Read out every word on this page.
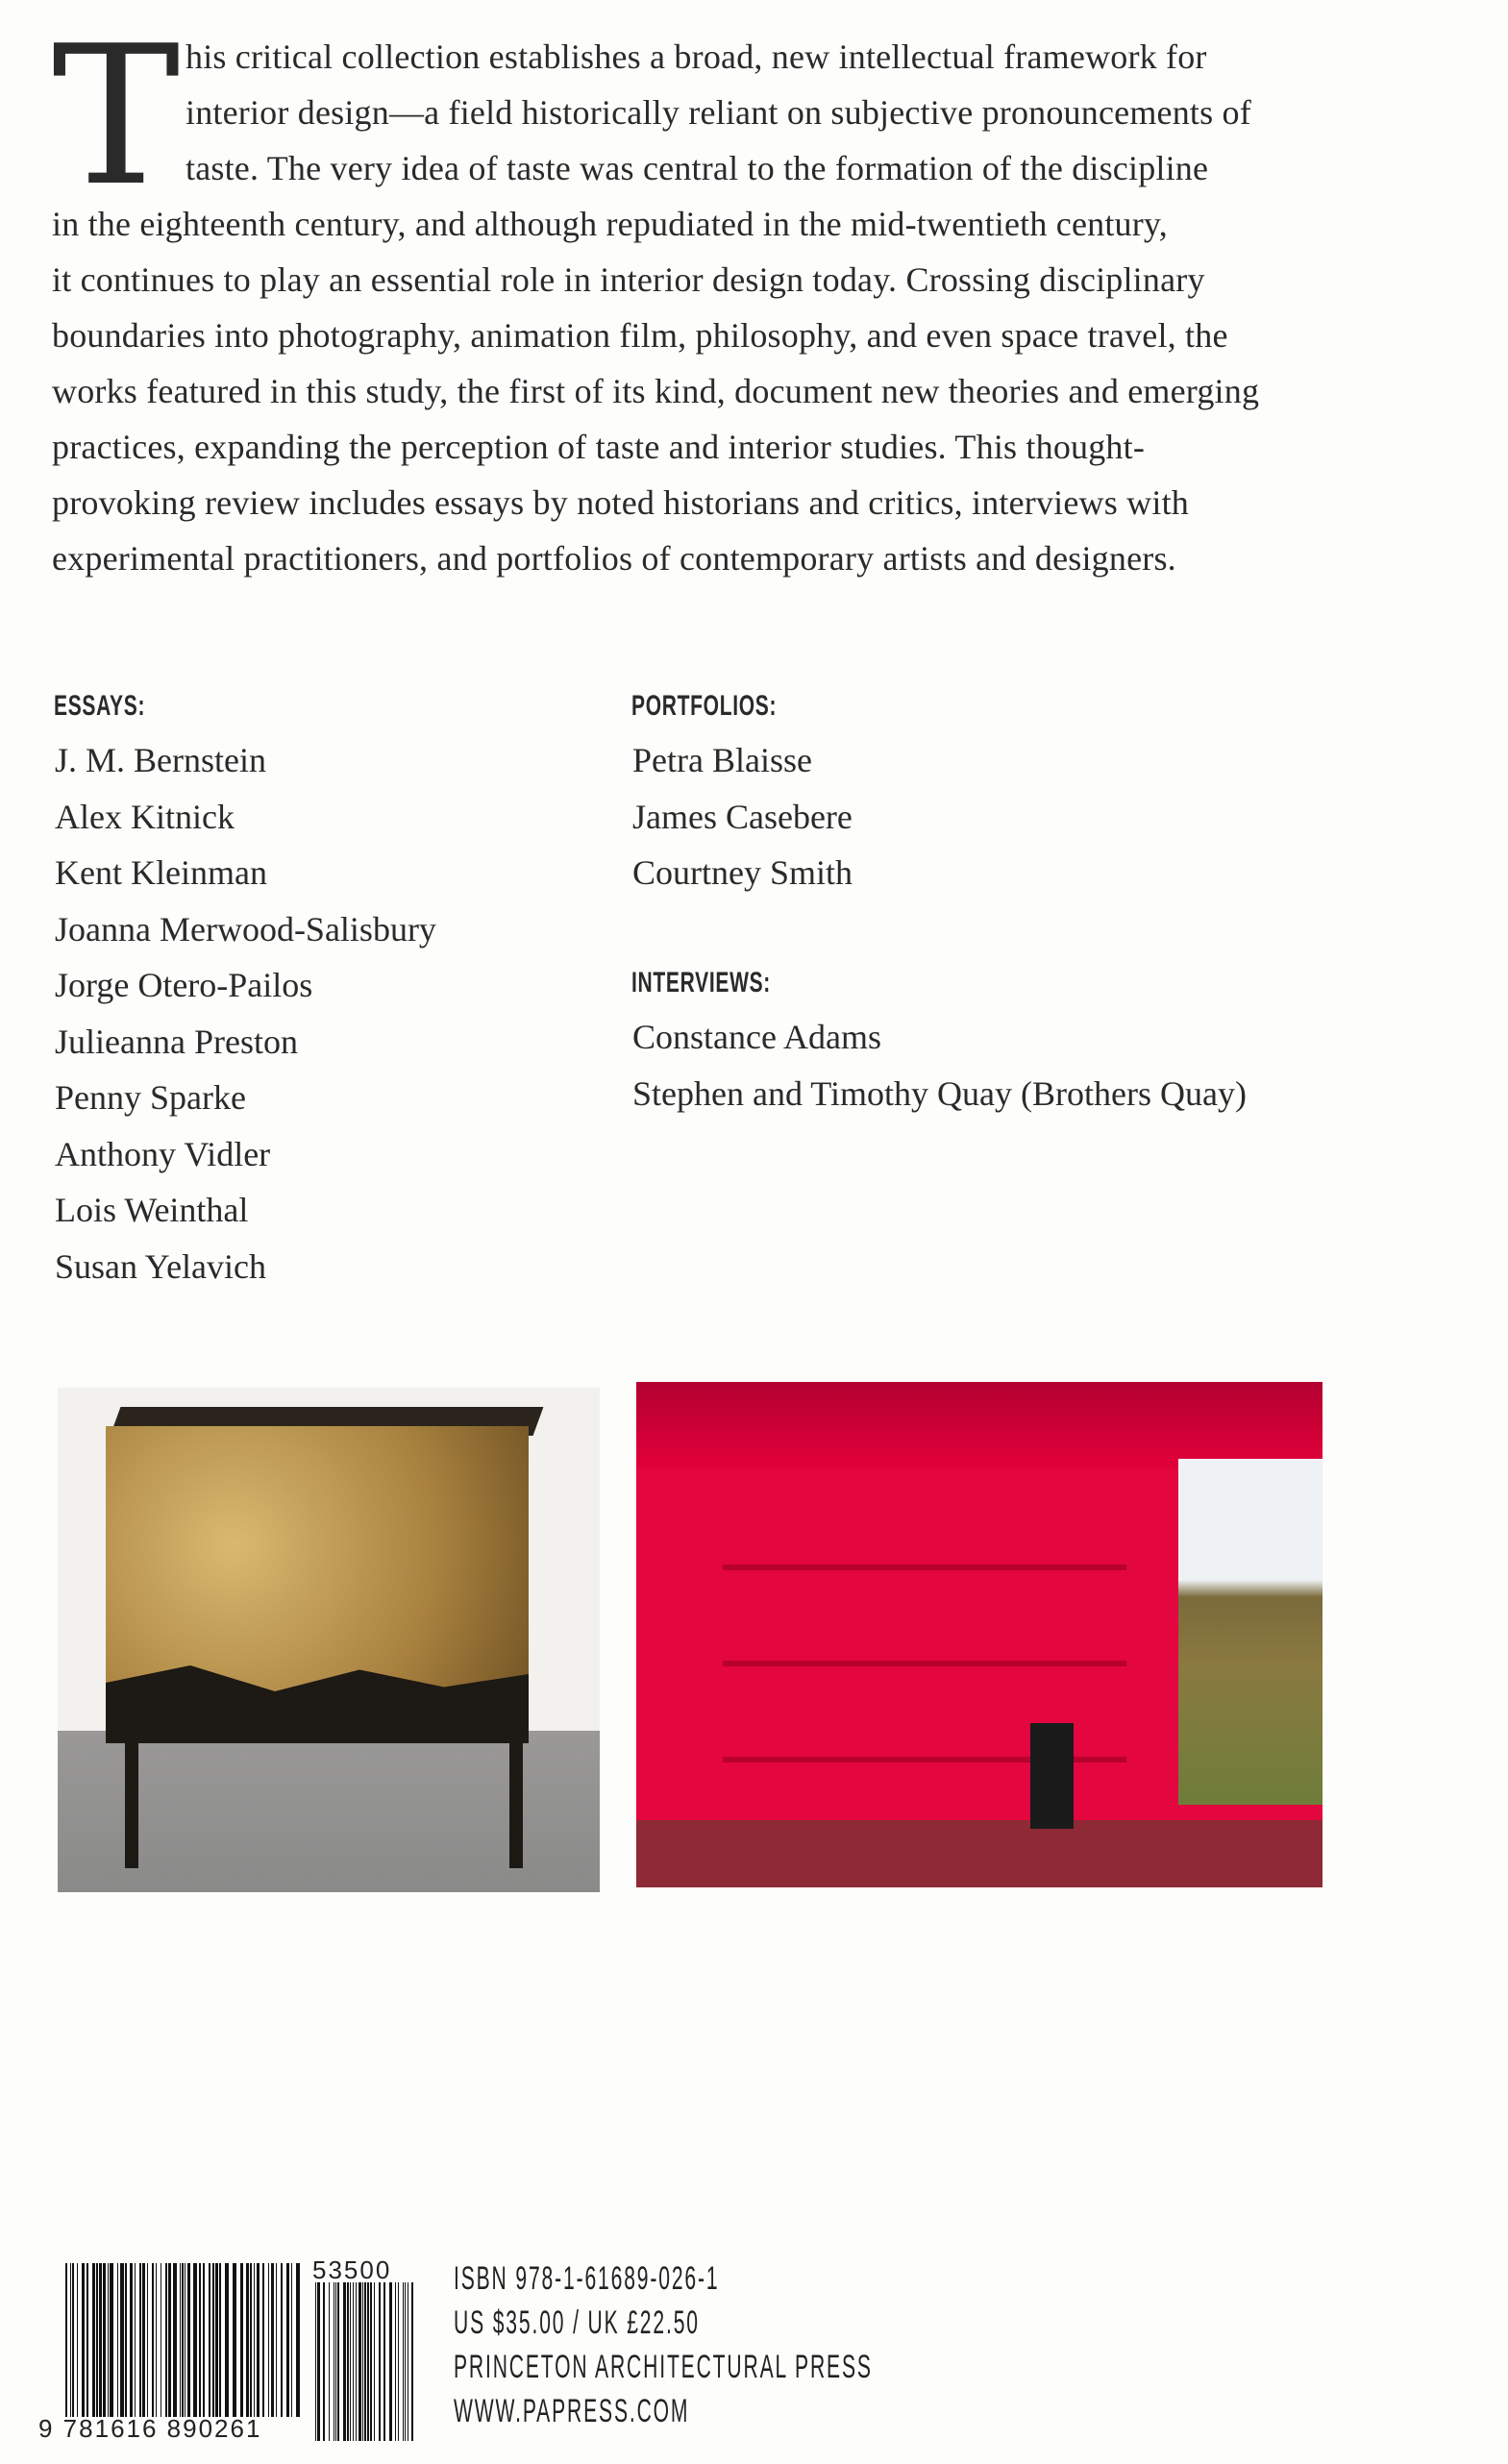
T his critical collection establishes a broad, new intellectual framework for
interior design—a field historically reliant on subjective pronouncements of
taste. The very idea of taste was central to the formation of the discipline
in the eighteenth century, and although repudiated in the mid-twentieth century,
it continues to play an essential role in interior design today. Crossing disciplinary
boundaries into photography, animation film, philosophy, and even space travel, the
works featured in this study, the first of its kind, document new theories and emerging
practices, expanding the perception of taste and interior studies. This thought-
provoking review includes essays by noted historians and critics, interviews with
experimental practitioners, and portfolios of contemporary artists and designers.
ESSAYS:
J. M. Bernstein
Alex Kitnick
Kent Kleinman
Joanna Merwood-Salisbury
Jorge Otero-Pailos
Julieanna Preston
Penny Sparke
Anthony Vidler
Lois Weinthal
Susan Yelavich
PORTFOLIOS:
Petra Blaisse
James Casebere
Courtney Smith
INTERVIEWS:
Constance Adams
Stephen and Timothy Quay (Brothers Quay)
9 781616 890261
53500 ISBN 978-1-61689-026-1
US $35.00 / UK £22.50
PRINCETON ARCHITECTURAL PRESS
WWW.PAPRESS.COM
